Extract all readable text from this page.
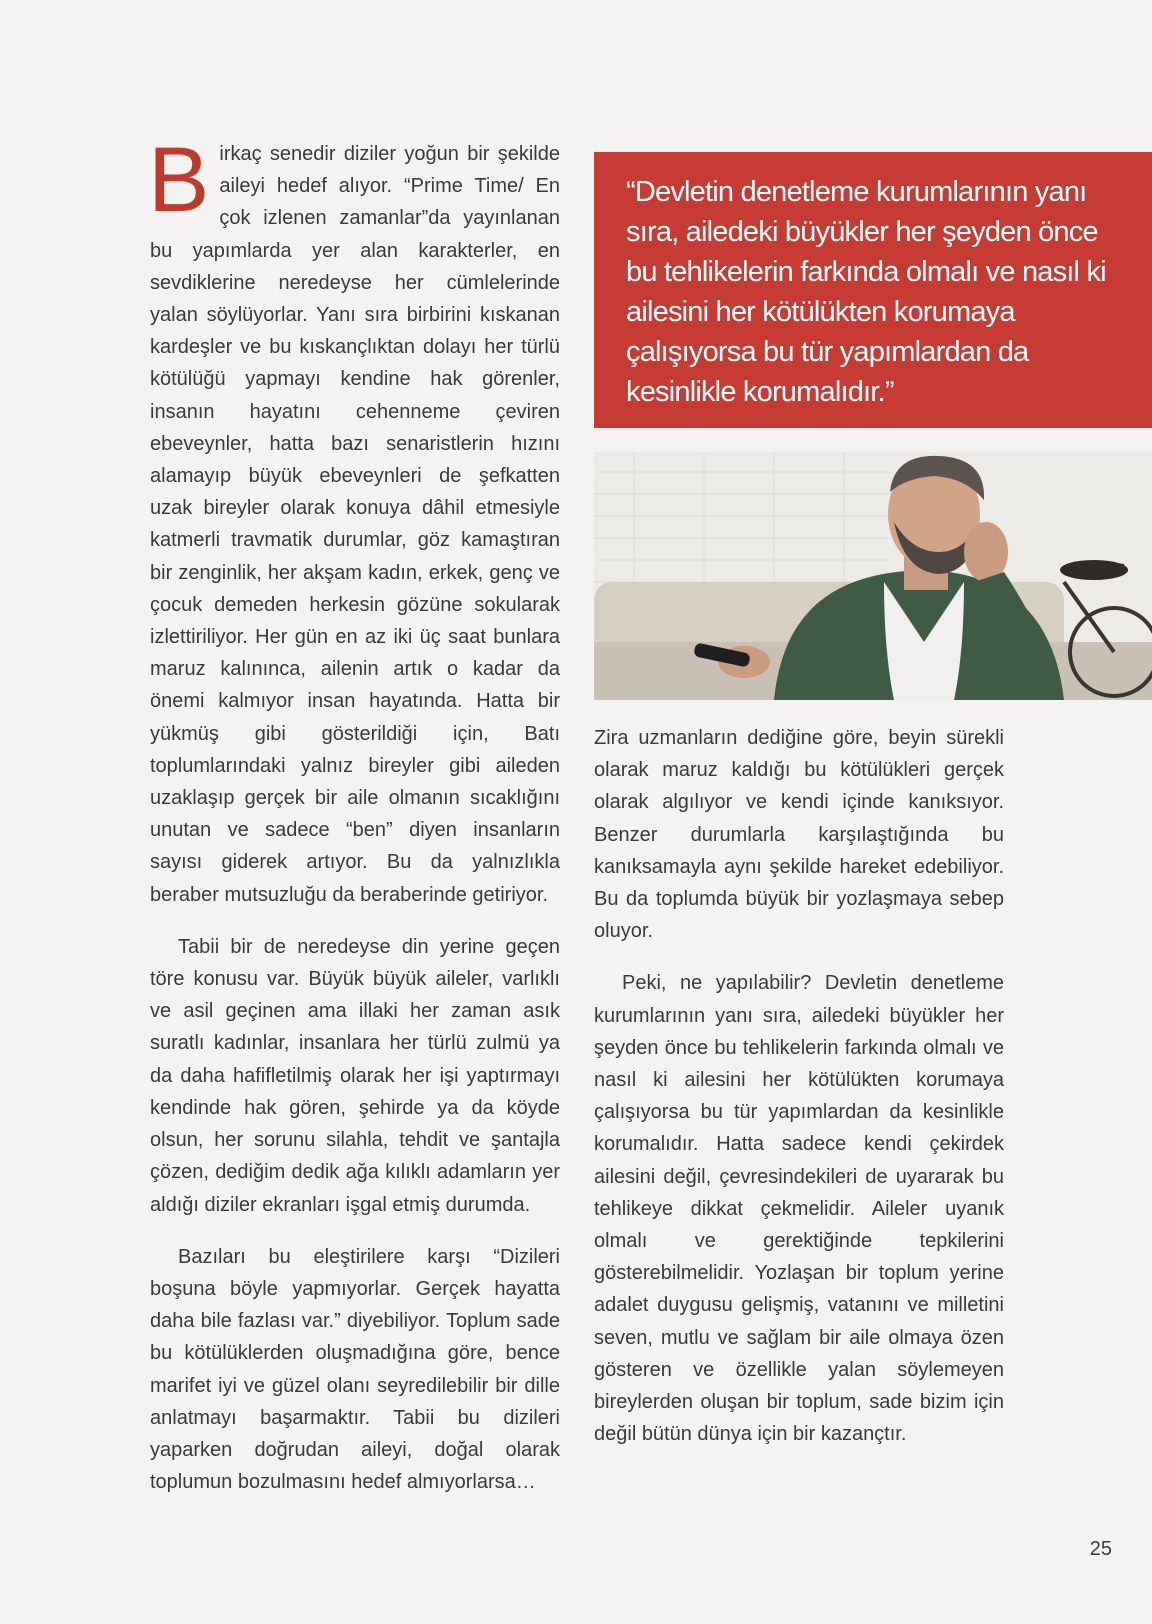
Birkaç senedir diziler yoğun bir şekilde aileyi hedef alıyor. “Prime Time/ En çok izlenen zamanlar”da yayınlanan bu yapımlarda yer alan karakterler, en sevdiklerine neredeyse her cümlelerinde yalan söylüyorlar. Yanı sıra birbirini kıskanan kardeşler ve bu kıskançlıktan dolayı her türlü kötülüğü yapmayı kendine hak görenler, insanın hayatını cehenneme çeviren ebeveynler, hatta bazı senaristlerin hızını alamayıp büyük ebeveynleri de şefkatten uzak bireyler olarak konuya dâhil etmesiyle katmerli travmatik durumlar, göz kamaştıran bir zenginlik, her akşam kadın, erkek, genç ve çocuk demeden herkesin gözüne sokularak izlettiriliyor. Her gün en az iki üç saat bunlara maruz kalınınca, ailenin artık o kadar da önemi kalmıyor insan hayatında. Hatta bir yükmüş gibi gösterildiği için, Batı toplumlarındaki yalnız bireyler gibi aileden uzaklaşıp gerçek bir aile olmanın sıcaklığını unutan ve sadece “ben” diyen insanların sayısı giderek artıyor. Bu da yalnızlıkla beraber mutsuzluğu da beraberinde getiriyor.

Tabii bir de neredeyse din yerine geçen töre konusu var. Büyük büyük aileler, varlıklı ve asil geçinen ama illaki her zaman asık suratlı kadınlar, insanlara her türlü zulmü ya da daha hafifletilmiş olarak her işi yaptırmayı kendinde hak gören, şehirde ya da köyde olsun, her sorunu silahla, tehdit ve şantajla çözen, dediğim dedik ağa kılıklı adamların yer aldığı diziler ekranları işgal etmiş durumda.

Bazıları bu eleştirilere karşı “Dizileri boşuna böyle yapmıyorlar. Gerçek hayatta daha bile fazlası var.” diyebiliyor. Toplum sade bu kötülüklerden oluşmadığına göre, bence marifet iyi ve güzel olanı seyredilebilir bir dille anlatmayı başarmaktır. Tabii bu dizileri yaparken doğrudan aileyi, doğal olarak toplumun bozulmasını hedef almıyorlarsa…

“Devletin denetleme kurumlarının yanı sıra, ailedeki büyükler her şeyden önce bu tehlikelerin farkında olmalı ve nasıl ki ailesini her kötülükten korumaya çalışıyorsa bu tür yapımlardan da kesinlikle korumalıdır.”

Zira uzmanların dediğine göre, beyin sürekli olarak maruz kaldığı bu kötülükleri gerçek olarak algılıyor ve kendi içinde kanıksıyor. Benzer durumlarla karşılaştığında bu kanıksamayla aynı şekilde hareket edebiliyor. Bu da toplumda büyük bir yozlaşmaya sebep oluyor.

Peki, ne yapılabilir? Devletin denetleme kurumlarının yanı sıra, ailedeki büyükler her şeyden önce bu tehlikelerin farkında olmalı ve nasıl ki ailesini her kötülükten korumaya çalışıyorsa bu tür yapımlardan da kesinlikle korumalıdır. Hatta sadece kendi çekirdek ailesini değil, çevresindekileri de uyararak bu tehlikeye dikkat çekmelidir. Aileler uyanık olmalı ve gerektiğinde tepkilerini gösterebilmelidir. Yozlaşan bir toplum yerine adalet duygusu gelişmiş, vatanını ve milletini seven, mutlu ve sağlam bir aile olmaya özen gösteren ve özellikle yalan söylemeyen bireylerden oluşan bir toplum, sade bizim için değil bütün dünya için bir kazançtır.

25
